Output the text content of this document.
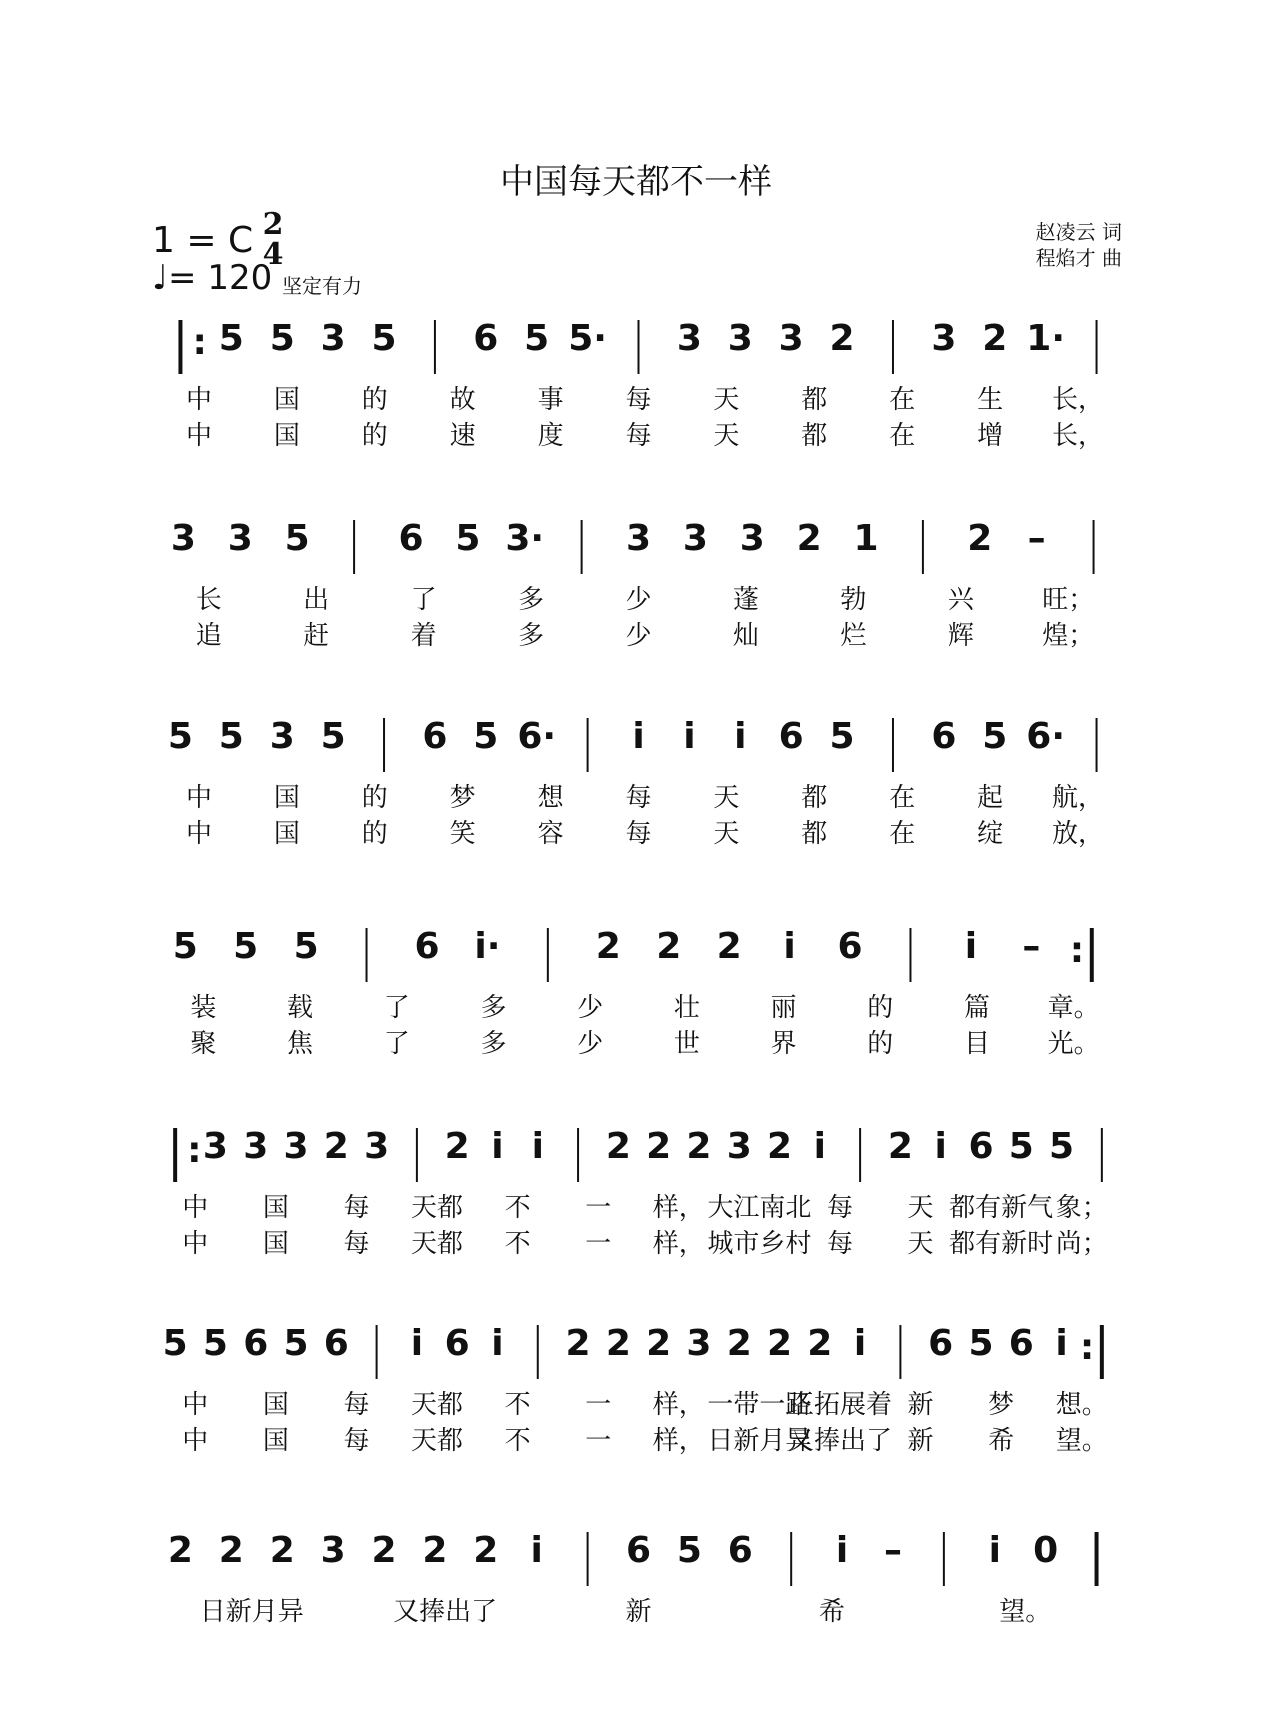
中国每天都不一样
1 = C 2
4
♩= 120 坚定有力
赵凌云 词
程焰才 曲
: 5 5 3 5 6 5 5· 3 3 3 2 3 2 1·
中 国 的 故 事 每 天 都 在 生 长，
中 国 的 速 度 每 天 都 在 增 长，
3 3 5 6 5 3· 3 3 3 2 1 2 –
长	出	了	多	少	蓬	勃	兴	旺；
追	赶	着	多	少	灿	烂	辉	煌；
5 5 3 5 6 5 6· i i i 6 5 6 5 6·
中 国 的 梦 想 每 天 都 在 起 航，
中 国 的 笑 容 每 天 都 在 绽 放，
5 5 5	6 i·	2 2 2 i 6	i – :
装	载	了	多	少	壮	丽	的	篇 章。
聚	焦	了	多	少	世	界	的	目 光。
: 3 3 3 2 3 2 i i 2 2 2 3 2 i 2 i 6 5 5
中 国 每 天都 不 一 样， 大江南北 每 天 都有新气 象；
中 国 每 天都 不 一 样， 城市乡村 每 天 都有新时 尚；
5 5 6 5 6 i 6 i 2 2 2 3 2 2 2 i 6 5 6 i :
中 国 每 天都 不 一 样， 一带一路
正拓展着 新 梦 想。
中 国 每 天都 不 一 样， 日新月异
又捧出了 新 希 望。
2 2 2 3 2 2 2 i 6 5 6 i – i 0
日新月异	又捧出了	新	希	望。
